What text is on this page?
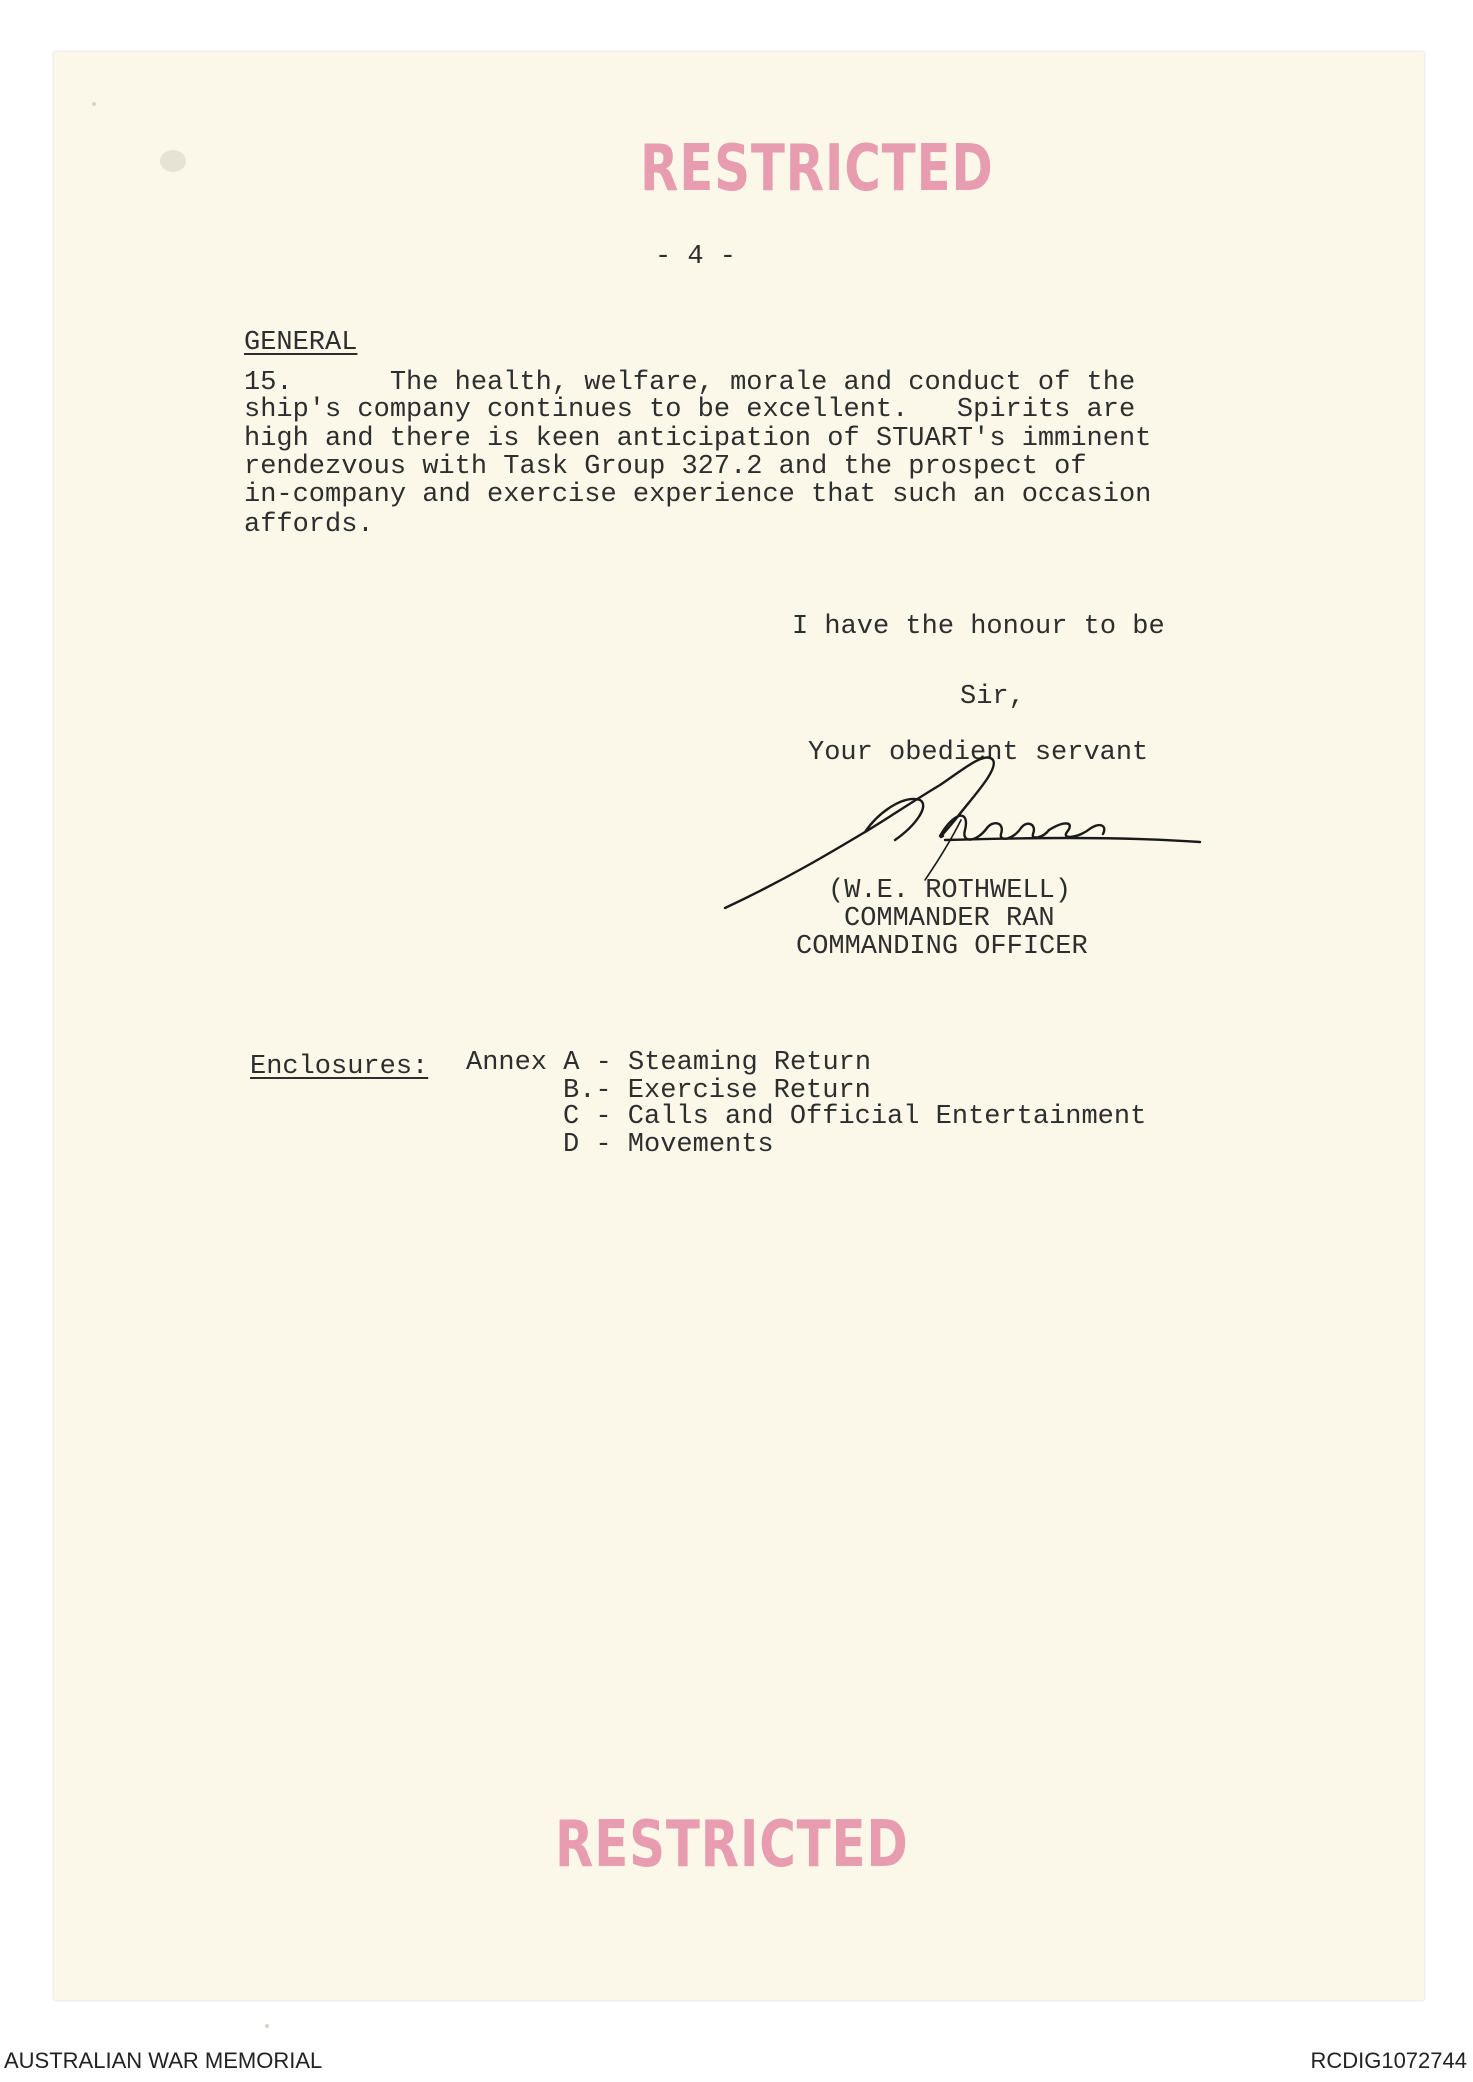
RESTRICTED
- 4 -
GENERAL
15.      The health, welfare, morale and conduct of the
ship's company continues to be excellent.   Spirits are
high and there is keen anticipation of STUART's imminent
rendezvous with Task Group 327.2 and the prospect of
in-company and exercise experience that such an occasion
affords.
I have the honour to be
Sir,
Your obedient servant
(W.E. ROTHWELL)
COMMANDER RAN
COMMANDING OFFICER
Enclosures: Annex A - Steaming Return
B.- Exercise Return
C - Calls and Official Entertainment
D - Movements
RESTRICTED
AUSTRALIAN WAR MEMORIAL	RCDIG1072744
